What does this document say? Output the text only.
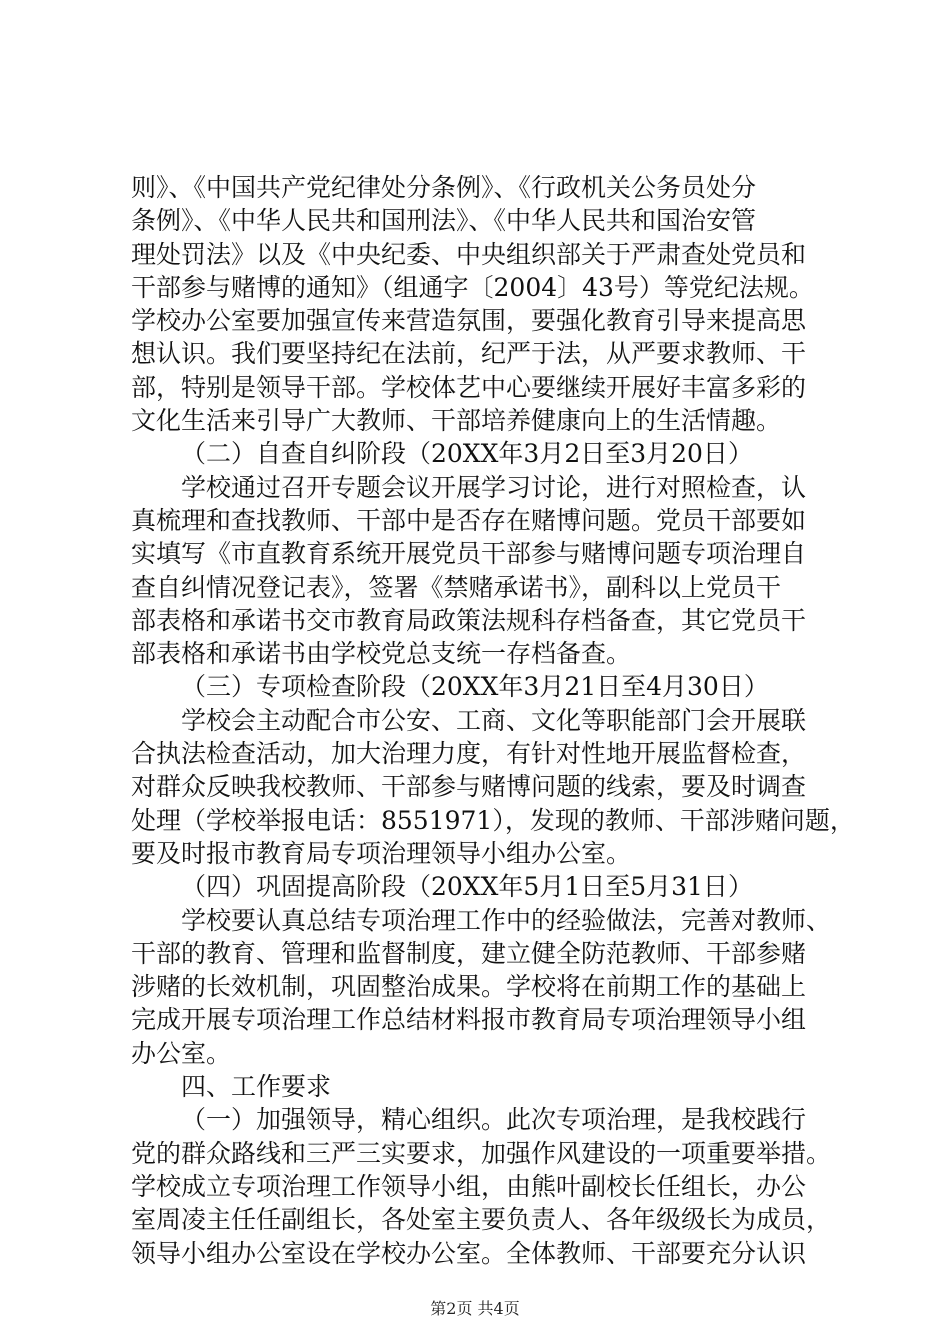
则》、《中国共产党纪律处分条例》、《行政机关公务员处分
条例》、《中华人民共和国刑法》、《中华人民共和国治安管
理处罚法》以及《中央纪委、中央组织部关于严肃查处党员和
干部参与赌博的通知》（组通字〔2004〕43号）等党纪法规。
学校办公室要加强宣传来营造氛围，要强化教育引导来提高思
想认识。我们要坚持纪在法前，纪严于法，从严要求教师、干
部，特别是领导干部。学校体艺中心要继续开展好丰富多彩的
文化生活来引导广大教师、干部培养健康向上的生活情趣。
（二）自查自纠阶段（20XX年3月2日至3月20日）
学校通过召开专题会议开展学习讨论，进行对照检查，认
真梳理和查找教师、干部中是否存在赌博问题。党员干部要如
实填写《市直教育系统开展党员干部参与赌博问题专项治理自
查自纠情况登记表》，签署《禁赌承诺书》，副科以上党员干
部表格和承诺书交市教育局政策法规科存档备查，其它党员干
部表格和承诺书由学校党总支统一存档备查。
（三）专项检查阶段（20XX年3月21日至4月30日）
学校会主动配合市公安、工商、文化等职能部门会开展联
合执法检查活动，加大治理力度，有针对性地开展监督检查，
对群众反映我校教师、干部参与赌博问题的线索，要及时调查
处理（学校举报电话：8551971），发现的教师、干部涉赌问题，
要及时报市教育局专项治理领导小组办公室。
（四）巩固提高阶段（20XX年5月1日至5月31日）
学校要认真总结专项治理工作中的经验做法，完善对教师、
干部的教育、管理和监督制度，建立健全防范教师、干部参赌
涉赌的长效机制，巩固整治成果。学校将在前期工作的基础上
完成开展专项治理工作总结材料报市教育局专项治理领导小组
办公室。
四、工作要求
（一）加强领导，精心组织。此次专项治理，是我校践行
党的群众路线和三严三实要求，加强作风建设的一项重要举措。
学校成立专项治理工作领导小组，由熊叶副校长任组长，办公
室周凌主任任副组长，各处室主要负责人、各年级级长为成员，
领导小组办公室设在学校办公室。全体教师、干部要充分认识
第2页 共4页
